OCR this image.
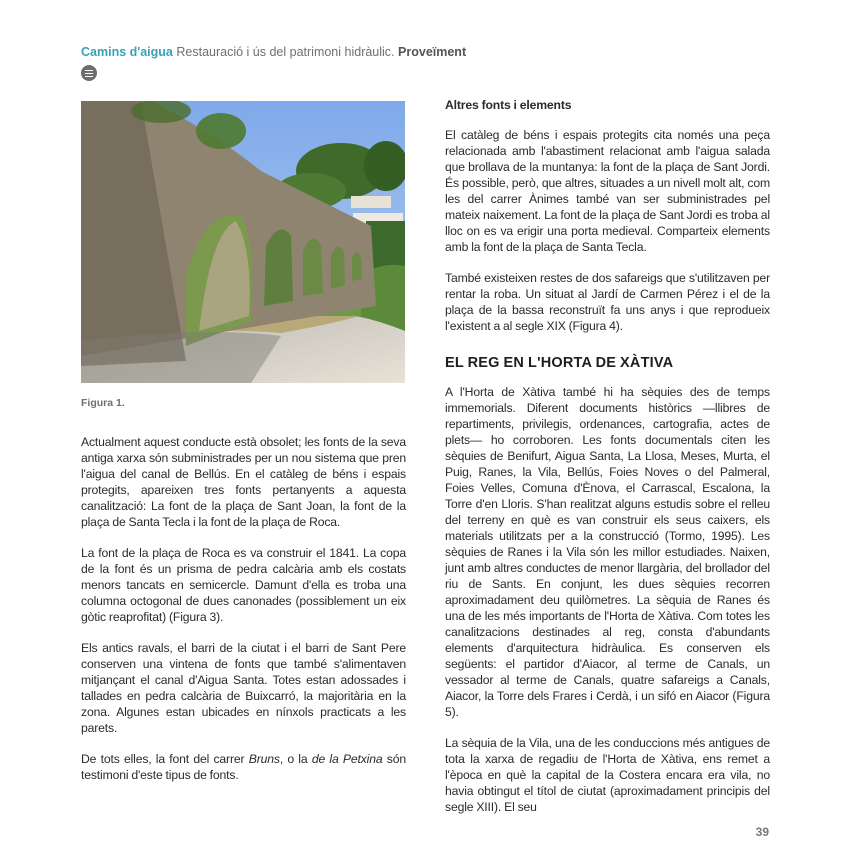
Camins d'aigua Restauració i ús del patrimoni hidràulic. Proveïment
Figura 1.

Actualment aquest conducte està obsolet; les fonts de la seva antiga xarxa són subministrades per un nou sistema que pren l'aigua del canal de Bellús. En el catàleg de béns i espais protegits, apareixen tres fonts pertanyents a aquesta canalització: La font de la plaça de Sant Joan, la font de la plaça de Santa Tecla i la font de la plaça de Roca.

La font de la plaça de Roca es va construir el 1841. La copa de la font és un prisma de pedra calcària amb els costats menors tancats en semicercle. Damunt d'ella es troba una columna octogonal de dues canonades (possiblement un eix gòtic reaprofitat) (Figura 3).

Els antics ravals, el barri de la ciutat i el barri de Sant Pere conserven una vintena de fonts que també s'alimentaven mitjançant el canal d'Aigua Santa. Totes estan adossades i tallades en pedra calcària de Buixcarró, la majoritària en la zona. Algunes estan ubicades en nínxols practicats a les parets.

De tots elles, la font del carrer Bruns, o la de la Petxina són testimoni d'este tipus de fonts.

Altres fonts i elements

El catàleg de béns i espais protegits cita només una peça relacionada amb l'abastiment relacionat amb l'aigua salada que brollava de la muntanya: la font de la plaça de Sant Jordi. És possible, però, que altres, situades a un nivell molt alt, com les del carrer Ànimes també van ser subministrades pel mateix naixement. La font de la plaça de Sant Jordi es troba al lloc on es va erigir una porta medieval. Comparteix elements amb la font de la plaça de Santa Tecla.

També existeixen restes de dos safareigs que s'utilitzaven per rentar la roba. Un situat al Jardí de Carmen Pérez i el de la plaça de la bassa reconstruït fa uns anys i que reprodueix l'existent a al segle XIX (Figura 4).

EL REG EN L'HORTA DE XÀTIVA

A l'Horta de Xàtiva també hi ha sèquies des de temps immemorials. Diferent documents històrics —llibres de repartiments, privilegis, ordenances, cartografia, actes de plets— ho corroboren. Les fonts documentals citen les sèquies de Benifurt, Aigua Santa, La Llosa, Meses, Murta, el Puig, Ranes, la Vila, Bellús, Foies Noves o del Palmeral, Foies Velles, Comuna d'Ènova, el Carrascal, Escalona, la Torre d'en Lloris. S'han realitzat alguns estudis sobre el relleu del terreny en què es van construir els seus caixers, els materials utilitzats per a la construcció (Tormo, 1995). Les sèquies de Ranes i la Vila són les millor estudiades. Naixen, junt amb altres conductes de menor llargària, del brollador del riu de Sants. En conjunt, les dues sèquies recorren aproximadament deu quilòmetres. La sèquia de Ranes és una de les més importants de l'Horta de Xàtiva. Com totes les canalitzacions destinades al reg, consta d'abundants elements d'arquitectura hidràulica. Es conserven els següents: el partidor d'Aiacor, al terme de Canals, un vessador al terme de Canals, quatre safareigs a Canals, Aiacor, la Torre dels Frares i Cerdà, i un sifó en Aiacor (Figura 5).

La sèquia de la Vila, una de les conduccions més antigues de tota la xarxa de regadiu de l'Horta de Xàtiva, ens remet a l'època en què la capital de la Costera encara era vila, no havia obtingut el títol de ciutat (aproximadament principis del segle XIII). El seu

39
